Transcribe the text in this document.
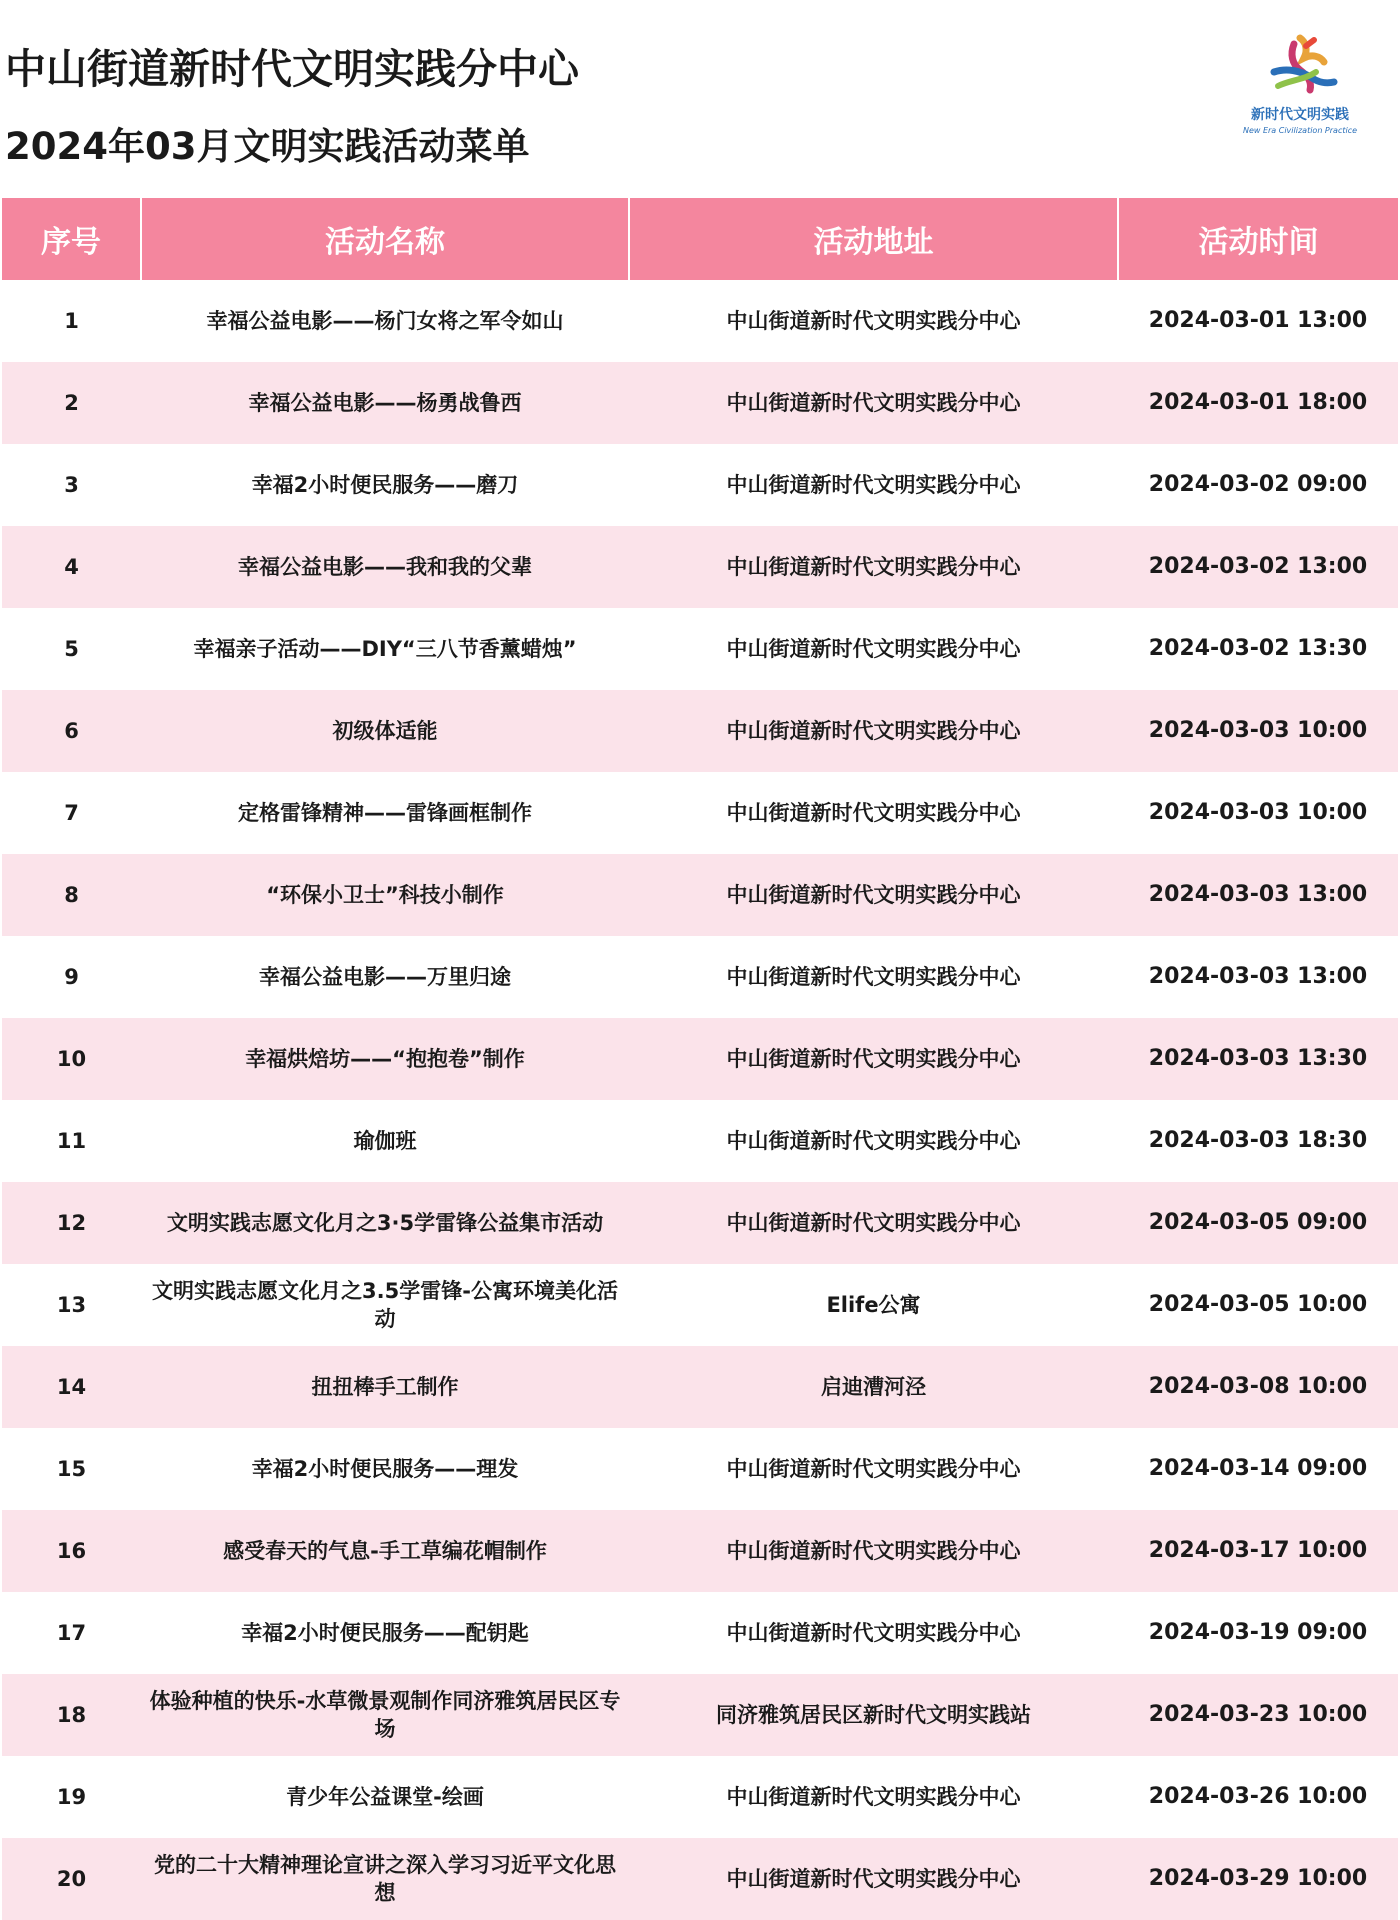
中山街道新时代文明实践分中心
2024年03月文明实践活动菜单
新时代文明实践
New Era Civilization Practice
序号	活动名称	活动地址	活动时间
1	幸福公益电影——杨门女将之军令如山	中山街道新时代文明实践分中心	2024-03-01 13:00
2	幸福公益电影——杨勇战鲁西	中山街道新时代文明实践分中心	2024-03-01 18:00
3	幸福2小时便民服务——磨刀	中山街道新时代文明实践分中心	2024-03-02 09:00
4	幸福公益电影——我和我的父辈	中山街道新时代文明实践分中心	2024-03-02 13:00
5	幸福亲子活动——DIY“三八节香薰蜡烛”	中山街道新时代文明实践分中心	2024-03-02 13:30
6	初级体适能	中山街道新时代文明实践分中心	2024-03-03 10:00
7	定格雷锋精神——雷锋画框制作	中山街道新时代文明实践分中心	2024-03-03 10:00
8	“环保小卫士”科技小制作	中山街道新时代文明实践分中心	2024-03-03 13:00
9	幸福公益电影——万里归途	中山街道新时代文明实践分中心	2024-03-03 13:00
10	幸福烘焙坊——“抱抱卷”制作	中山街道新时代文明实践分中心	2024-03-03 13:30
11	瑜伽班	中山街道新时代文明实践分中心	2024-03-03 18:30
12	文明实践志愿文化月之3·5学雷锋公益集市活动	中山街道新时代文明实践分中心	2024-03-05 09:00
13	文明实践志愿文化月之3.5学雷锋-公寓环境美化活动	Elife公寓	2024-03-05 10:00
14	扭扭棒手工制作	启迪漕河泾	2024-03-08 10:00
15	幸福2小时便民服务——理发	中山街道新时代文明实践分中心	2024-03-14 09:00
16	感受春天的气息-手工草编花帽制作	中山街道新时代文明实践分中心	2024-03-17 10:00
17	幸福2小时便民服务——配钥匙	中山街道新时代文明实践分中心	2024-03-19 09:00
18	体验种植的快乐-水草微景观制作同济雅筑居民区专场	同济雅筑居民区新时代文明实践站	2024-03-23 10:00
19	青少年公益课堂-绘画	中山街道新时代文明实践分中心	2024-03-26 10:00
20	党的二十大精神理论宣讲之深入学习习近平文化思想	中山街道新时代文明实践分中心	2024-03-29 10:00
